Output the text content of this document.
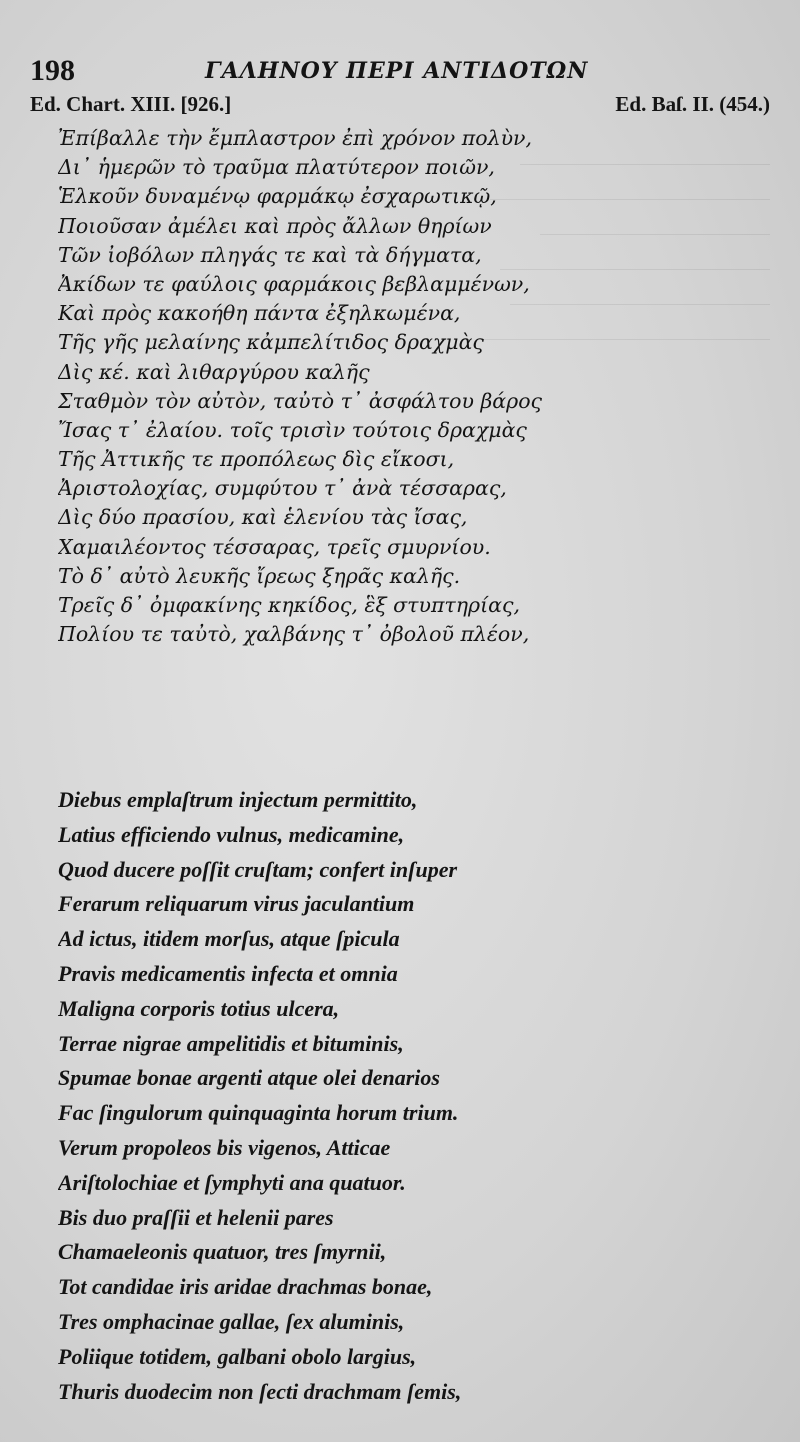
198	ΓΑΛΗΝΟΥ ΠΕΡΙ ΑΝΤΙΔΟΤΩΝ
Ed. Chart. XIII. [926.]	Ed. Baſ. II. (454.)
Ἐπίβαλλε τὴν ἔμπλαστρον ἐπὶ χρόνον πολὺν,
Δι᾽ ἡμερῶν τὸ τραῦμα πλατύτερον ποιῶν,
Ἑλκοῦν δυναμένῳ φαρμάκῳ ἐσχαρωτικῷ,
Ποιοῦσαν ἀμέλει καὶ πρὸς ἄλλων θηρίων
Τῶν ἰοβόλων πληγάς τε καὶ τὰ δήγματα,
Ἀκίδων τε φαύλοις φαρμάκοις βεβλαμμένων,
Καὶ πρὸς κακοήθη πάντα ἐξηλκωμένα,
Τῆς γῆς μελαίνης κἀμπελίτιδος δραχμὰς
Δὶς κέ. καὶ λιθαργύρου καλῆς
Σταθμὸν τὸν αὐτὸν, ταὐτὸ τ᾽ ἀσφάλτου βάρος
Ἴσας τ᾽ ἐλαίου. τοῖς τρισὶν τούτοις δραχμὰς
Τῆς Ἀττικῆς τε προπόλεως δὶς εἴκοσι,
Ἀριστολοχίας, συμφύτου τ᾽ ἀνὰ τέσσαρας,
Δὶς δύο πρασίου, καὶ ἑλενίου τὰς ἴσας,
Χαμαιλέοντος τέσσαρας, τρεῖς σμυρνίου.
Τὸ δ᾽ αὐτὸ λευκῆς ἴρεως ξηρᾶς καλῆς.
Τρεῖς δ᾽ ὀμφακίνης κηκίδος, ἓξ στυπτηρίας,
Πολίου τε ταὐτὸ, χαλβάνης τ᾽ ὀβολοῦ πλέον,
Diebus emplaſtrum injectum permittito,
Latius efficiendo vulnus, medicamine,
Quod ducere poſſit cruſtam; confert inſuper
Ferarum reliquarum virus jaculantium
Ad ictus, itidem morſus, atque ſpicula
Pravis medicamentis infecta et omnia
Maligna corporis totius ulcera,
Terrae nigrae ampelitidis et bituminis,
Spumae bonae argenti atque olei denarios
Fac ſingulorum quinquaginta horum trium.
Verum propoleos bis vigenos, Atticae
Ariſtolochiae et ſymphyti ana quatuor.
Bis duo praſſii et helenii pares
Chamaeleonis quatuor, tres ſmyrnii,
Tot candidae iris aridae drachmas bonae,
Tres omphacinae gallae, ſex aluminis,
Poliique totidem, galbani obolo largius,
Thuris duodecim non ſecti drachmam ſemis,
